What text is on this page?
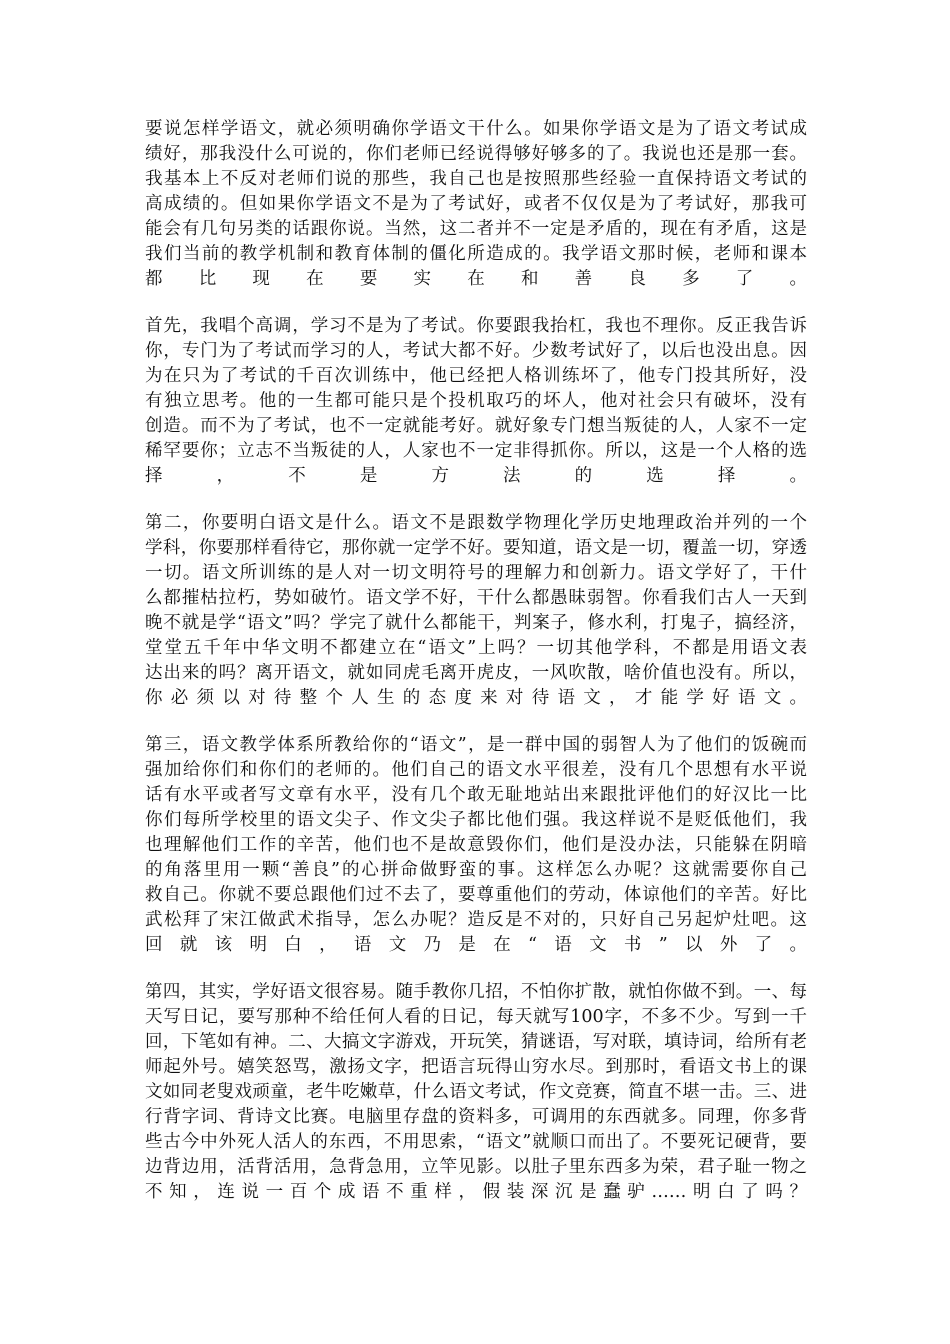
要说怎样学语文，就必须明确你学语文干什么。如果你学语文是为了语文考试成
绩好，那我没什么可说的，你们老师已经说得够好够多的了。我说也还是那一套。
我基本上不反对老师们说的那些，我自己也是按照那些经验一直保持语文考试的
高成绩的。但如果你学语文不是为了考试好，或者不仅仅是为了考试好，那我可
能会有几句另类的话跟你说。当然，这二者并不一定是矛盾的，现在有矛盾，这是
我们当前的教学机制和教育体制的僵化所造成的。我学语文那时候，老师和课本
都比现在要实在和善良多了。
首先，我唱个高调，学习不是为了考试。你要跟我抬杠，我也不理你。反正我告诉
你，专门为了考试而学习的人，考试大都不好。少数考试好了，以后也没出息。因
为在只为了考试的千百次训练中，他已经把人格训练坏了，他专门投其所好，没
有独立思考。他的一生都可能只是个投机取巧的坏人，他对社会只有破坏，没有
创造。而不为了考试，也不一定就能考好。就好象专门想当叛徒的人，人家不一定
稀罕要你；立志不当叛徒的人，人家也不一定非得抓你。所以，这是一个人格的选
择，不是方法的选择。
第二，你要明白语文是什么。语文不是跟数学物理化学历史地理政治并列的一个
学科，你要那样看待它，那你就一定学不好。要知道，语文是一切，覆盖一切，穿透
一切。语文所训练的是人对一切文明符号的理解力和创新力。语文学好了，干什
么都摧枯拉朽，势如破竹。语文学不好，干什么都愚昧弱智。你看我们古人一天到
晚不就是学“语文”吗？学完了就什么都能干，判案子，修水利，打鬼子，搞经济，
堂堂五千年中华文明不都建立在“语文”上吗？一切其他学科，不都是用语文表
达出来的吗？离开语文，就如同虎毛离开虎皮，一风吹散，啥价值也没有。所以，
你必须以对待整个人生的态度来对待语文，才能学好语文。
第三，语文教学体系所教给你的“语文”，是一群中国的弱智人为了他们的饭碗而
强加给你们和你们的老师的。他们自己的语文水平很差，没有几个思想有水平说
话有水平或者写文章有水平，没有几个敢无耻地站出来跟批评他们的好汉比一比
你们每所学校里的语文尖子、作文尖子都比他们强。我这样说不是贬低他们，我
也理解他们工作的辛苦，他们也不是故意毁你们，他们是没办法，只能躲在阴暗
的角落里用一颗“善良”的心拼命做野蛮的事。这样怎么办呢？这就需要你自己
救自己。你就不要总跟他们过不去了，要尊重他们的劳动，体谅他们的辛苦。好比
武松拜了宋江做武术指导，怎么办呢？造反是不对的，只好自己另起炉灶吧。这
回就该明白，语文乃是在“语文书”以外了。
第四，其实，学好语文很容易。随手教你几招，不怕你扩散，就怕你做不到。一、每
天写日记，要写那种不给任何人看的日记，每天就写100字，不多不少。写到一千
回，下笔如有神。二、大搞文字游戏，开玩笑，猜谜语，写对联，填诗词，给所有老
师起外号。嬉笑怒骂，激扬文字，把语言玩得山穷水尽。到那时，看语文书上的课
文如同老叟戏顽童，老牛吃嫩草，什么语文考试，作文竞赛，简直不堪一击。三、进
行背字词、背诗文比赛。电脑里存盘的资料多，可调用的东西就多。同理，你多背
些古今中外死人活人的东西，不用思索，“语文”就顺口而出了。不要死记硬背，要
边背边用，活背活用，急背急用，立竿见影。以肚子里东西多为荣，君子耻一物之
不知，连说一百个成语不重样，假装深沉是蠢驴……明白了吗？
